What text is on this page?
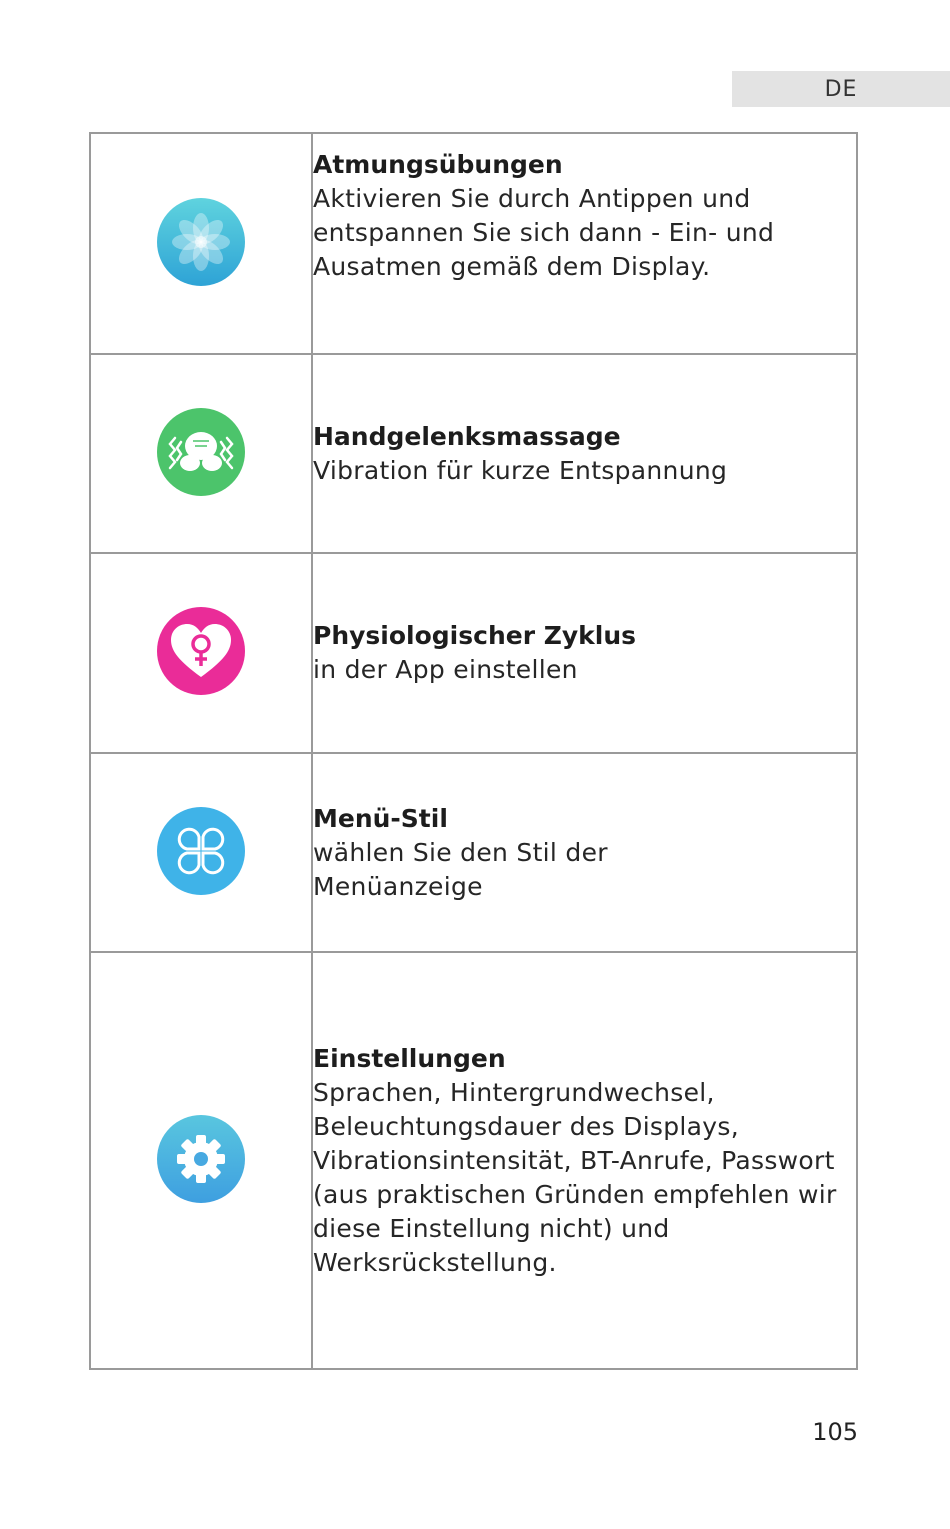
DE

Atmungsübungen
Aktivieren Sie durch Antippen und entspannen Sie sich dann - Ein- und Ausatmen gemäß dem Display.

Handgelenksmassage
Vibration für kurze Entspannung

Physiologischer Zyklus
in der App einstellen

Menü-Stil
wählen Sie den Stil der Menüanzeige

Einstellungen
Sprachen, Hintergrundwechsel, Beleuchtungsdauer des Displays, Vibrationsintensität, BT-Anrufe, Passwort (aus praktischen Gründen empfehlen wir diese Einstellung nicht) und Werksrückstellung.
105
